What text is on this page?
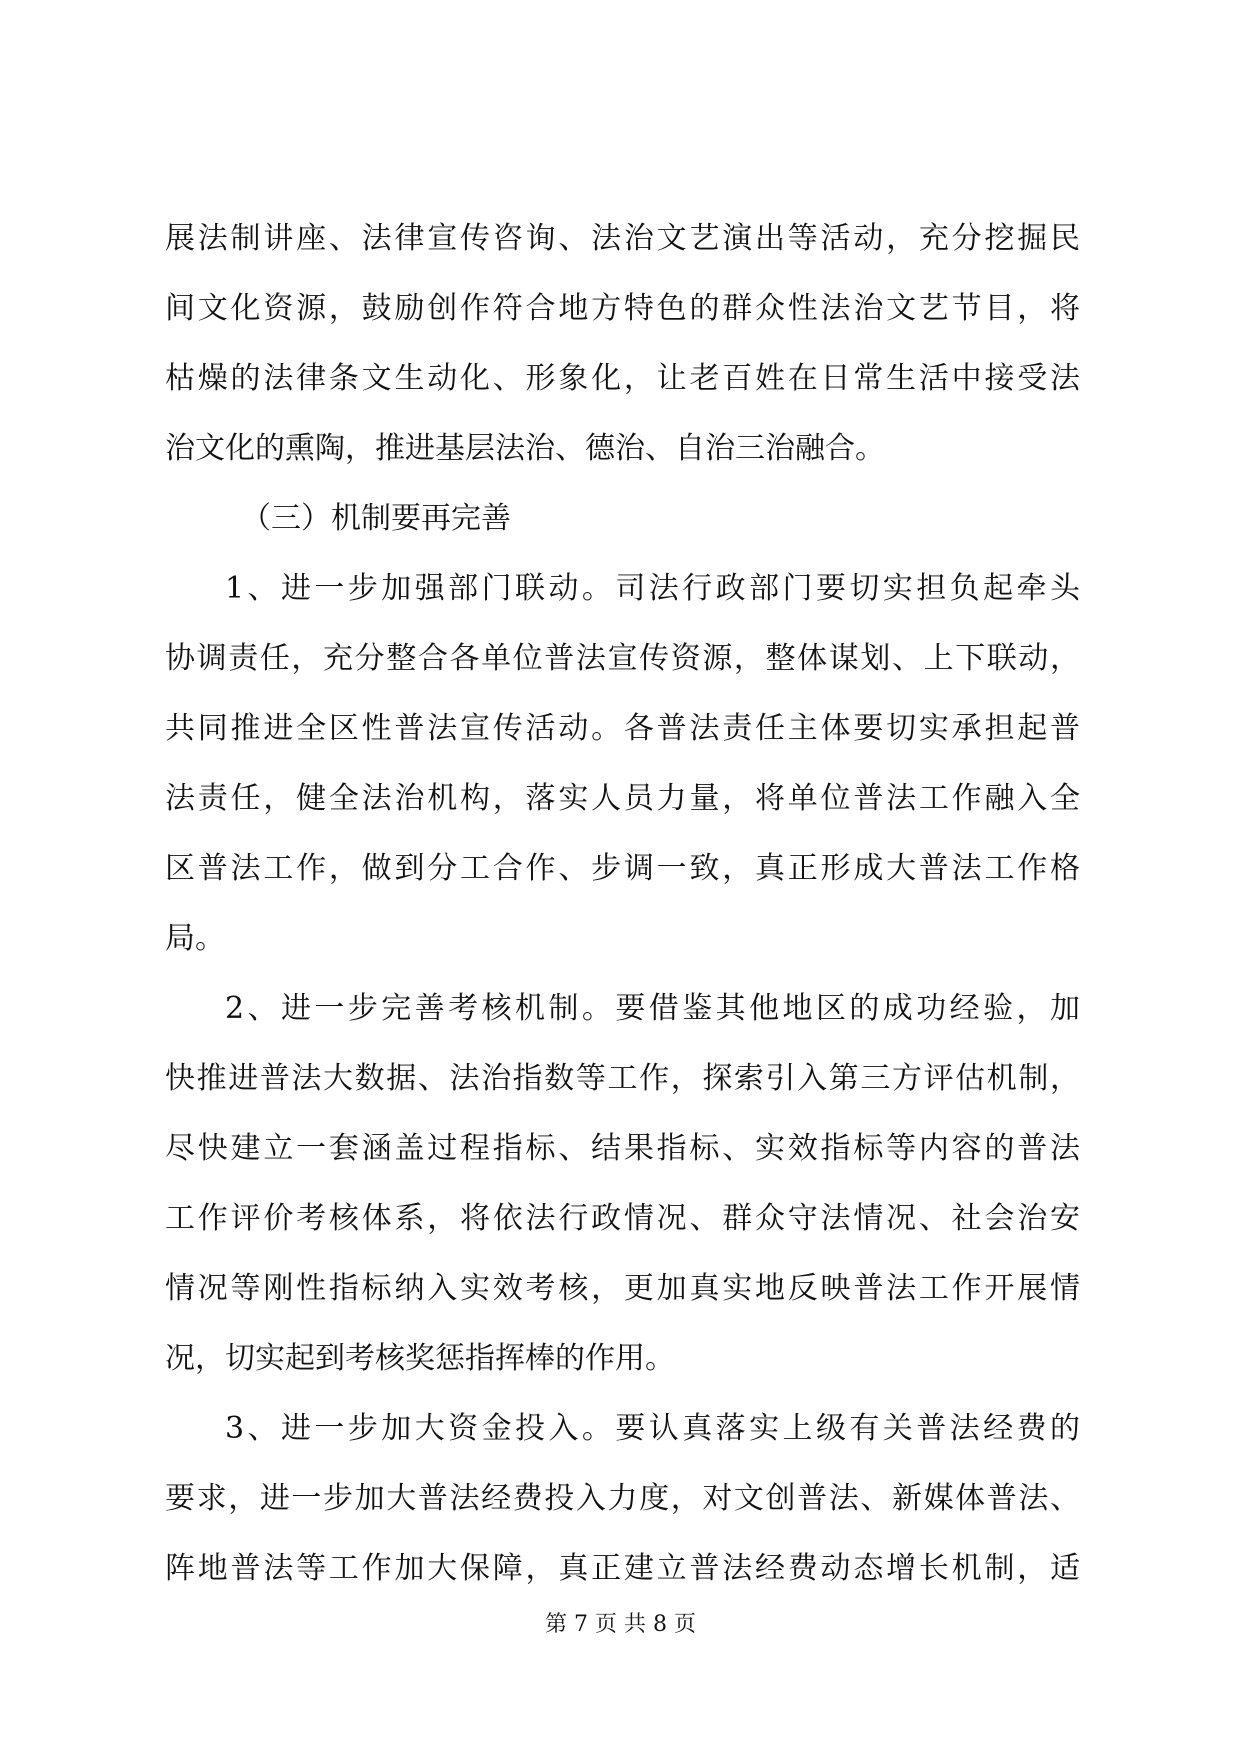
展法制讲座、法律宣传咨询、法治文艺演出等活动，充分挖掘民
间文化资源，鼓励创作符合地方特色的群众性法治文艺节目，将
枯燥的法律条文生动化、形象化，让老百姓在日常生活中接受法
治文化的熏陶，推进基层法治、德治、自治三治融合。
（三）机制要再完善
1、进一步加强部门联动。司法行政部门要切实担负起牵头
协调责任，充分整合各单位普法宣传资源，整体谋划、上下联动，
共同推进全区性普法宣传活动。各普法责任主体要切实承担起普
法责任，健全法治机构，落实人员力量，将单位普法工作融入全
区普法工作，做到分工合作、步调一致，真正形成大普法工作格
局。
2、进一步完善考核机制。要借鉴其他地区的成功经验，加
快推进普法大数据、法治指数等工作，探索引入第三方评估机制，
尽快建立一套涵盖过程指标、结果指标、实效指标等内容的普法
工作评价考核体系，将依法行政情况、群众守法情况、社会治安
情况等刚性指标纳入实效考核，更加真实地反映普法工作开展情
况，切实起到考核奖惩指挥棒的作用。
3、进一步加大资金投入。要认真落实上级有关普法经费的
要求，进一步加大普法经费投入力度，对文创普法、新媒体普法、
阵地普法等工作加大保障，真正建立普法经费动态增长机制，适
第 7 页 共 8 页
